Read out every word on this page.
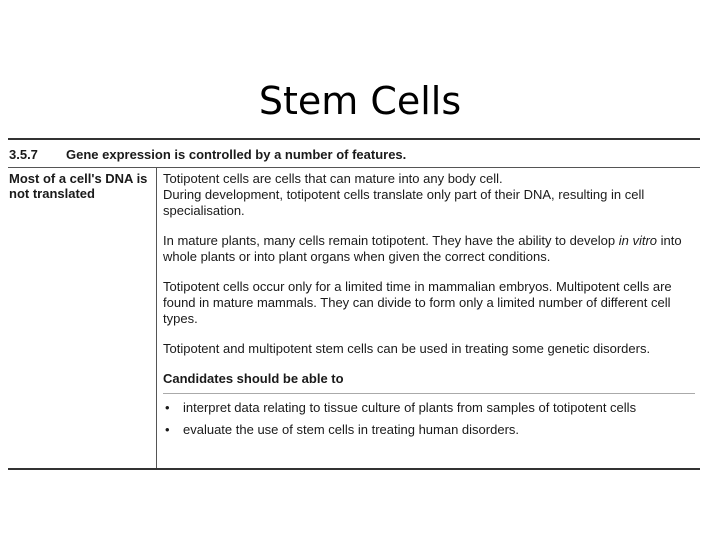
Stem Cells
3.5.7 Gene expression is controlled by a number of features.
Most of a cell's DNA is not translated
Totipotent cells are cells that can mature into any body cell.
During development, totipotent cells translate only part of their DNA, resulting in cell specialisation.
In mature plants, many cells remain totipotent. They have the ability to develop in vitro into whole plants or into plant organs when given the correct conditions.
Totipotent cells occur only for a limited time in mammalian embryos. Multipotent cells are found in mature mammals. They can divide to form only a limited number of different cell types.
Totipotent and multipotent stem cells can be used in treating some genetic disorders.
Candidates should be able to
• interpret data relating to tissue culture of plants from samples of totipotent cells
• evaluate the use of stem cells in treating human disorders.
